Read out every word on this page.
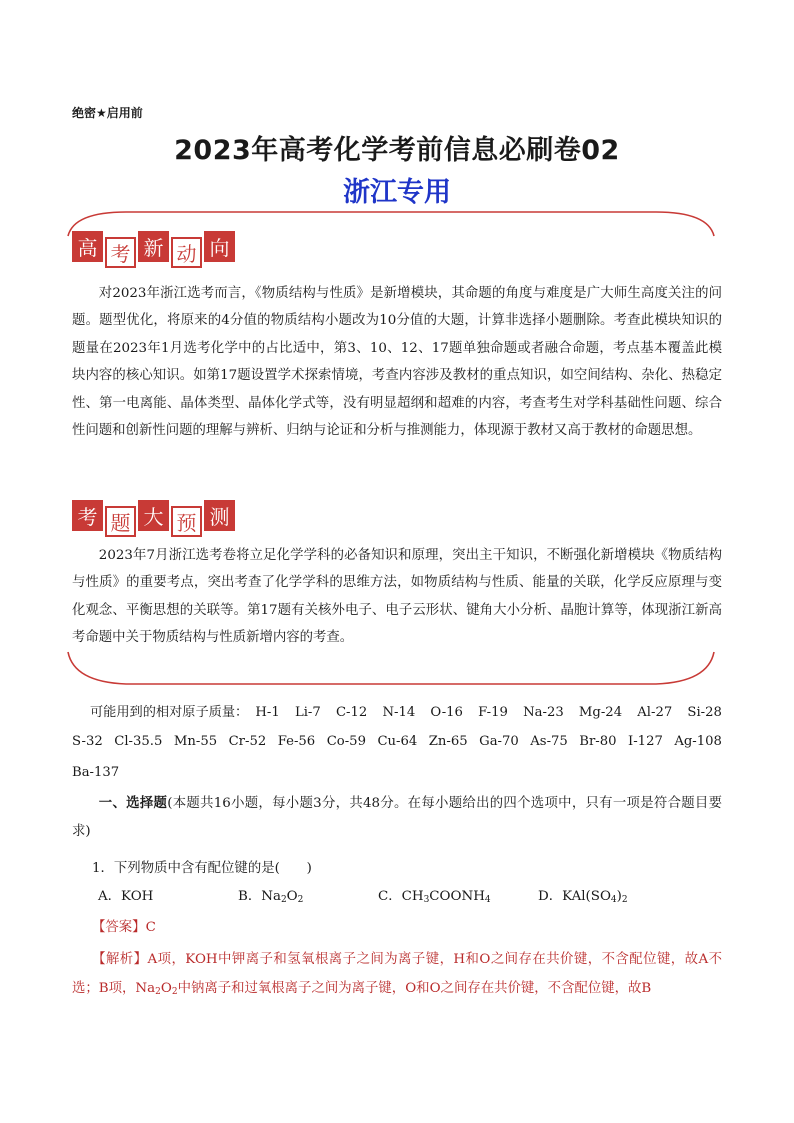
绝密★启用前
2023年高考化学考前信息必刷卷02
浙江专用
高 考 新 动 向
对2023年浙江选考而言，《物质结构与性质》是新增模块，其命题的角度与难度是广大师生高度关注的问题。题型优化，将原来的4分值的物质结构小题改为10分值的大题，计算非选择小题删除。考查此模块知识的题量在2023年1月选考化学中的占比适中，第3、10、12、17题单独命题或者融合命题，考点基本覆盖此模块内容的核心知识。如第17题设置学术探索情境，考查内容涉及教材的重点知识，如空间结构、杂化、热稳定性、第一电离能、晶体类型、晶体化学式等，没有明显超纲和超难的内容，考查考生对学科基础性问题、综合性问题和创新性问题的理解与辨析、归纳与论证和分析与推测能力，体现源于教材又高于教材的命题思想。
考 题 大 预 测
2023年7月浙江选考卷将立足化学学科的必备知识和原理，突出主干知识，不断强化新增模块《物质结构与性质》的重要考点，突出考查了化学学科的思维方法，如物质结构与性质、能量的关联，化学反应原理与变化观念、平衡思想的关联等。第17题有关核外电子、电子云形状、键角大小分析、晶胞计算等，体现浙江新高考命题中关于物质结构与性质新增内容的考查。
可能用到的相对原子质量： H-1 Li-7 C-12 N-14 O-16 F-19 Na-23 Mg-24 Al-27 Si-28
S-32 Cl-35.5 Mn-55 Cr-52 Fe-56 Co-59 Cu-64 Zn-65 Ga-70 As-75 Br-80 I-127 Ag-108
Ba-137
一、选择题(本题共16小题，每小题3分，共48分。在每小题给出的四个选项中，只有一项是符合题目要求)
1．下列物质中含有配位键的是(　　)
A．KOH	B．$Na_2O_2$	C．$CH_3COONH_4$	D．$KAl(SO_4)_2$
【答案】C
【解析】A项，KOH中钾离子和氢氧根离子之间为离子键，H和O之间存在共价键，不含配位键，故A不选；B项，$Na_2O_2$中钠离子和过氧根离子之间为离子键，O和O之间存在共价键，不含配位键，故B
